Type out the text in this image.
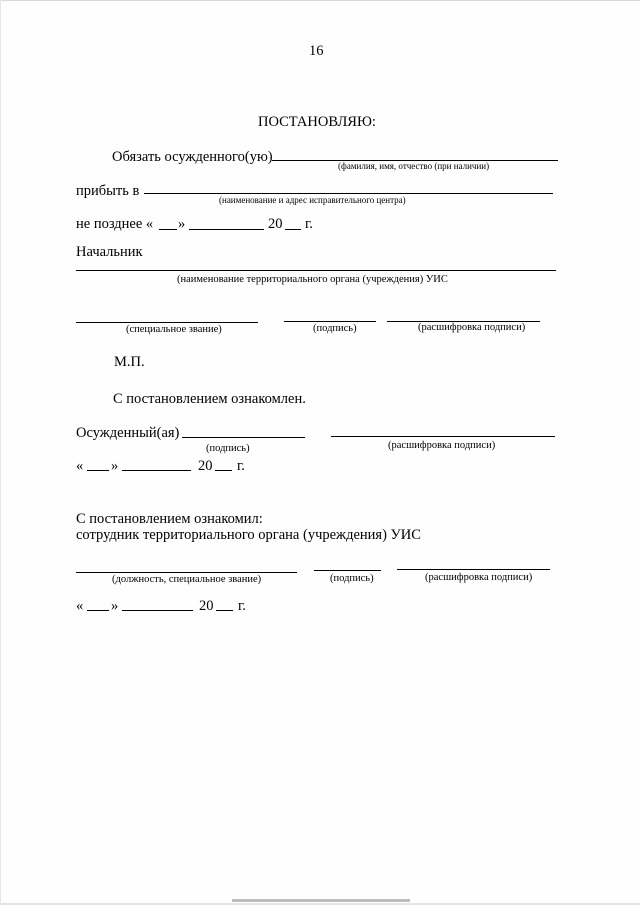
16
ПОСТАНОВЛЯЮ:
Обязать осужденного(ую)
(фамилия, имя, отчество (при наличии)
прибыть в
(наименование и адрес исправительного центра)
не позднее « »	20 г.
Начальник
(наименование территориального органа (учреждения) УИС
(специальное звание)	(подпись)	(расшифровка подписи)
М.П.
С постановлением ознакомлен.
Осужденный(ая)
(подпись)	(расшифровка подписи)
« »	20 г.
С постановлением ознакомил:
сотрудник территориального органа (учреждения) УИС
(должность, специальное звание)	(подпись)	(расшифровка подписи)
« »	20 г.
